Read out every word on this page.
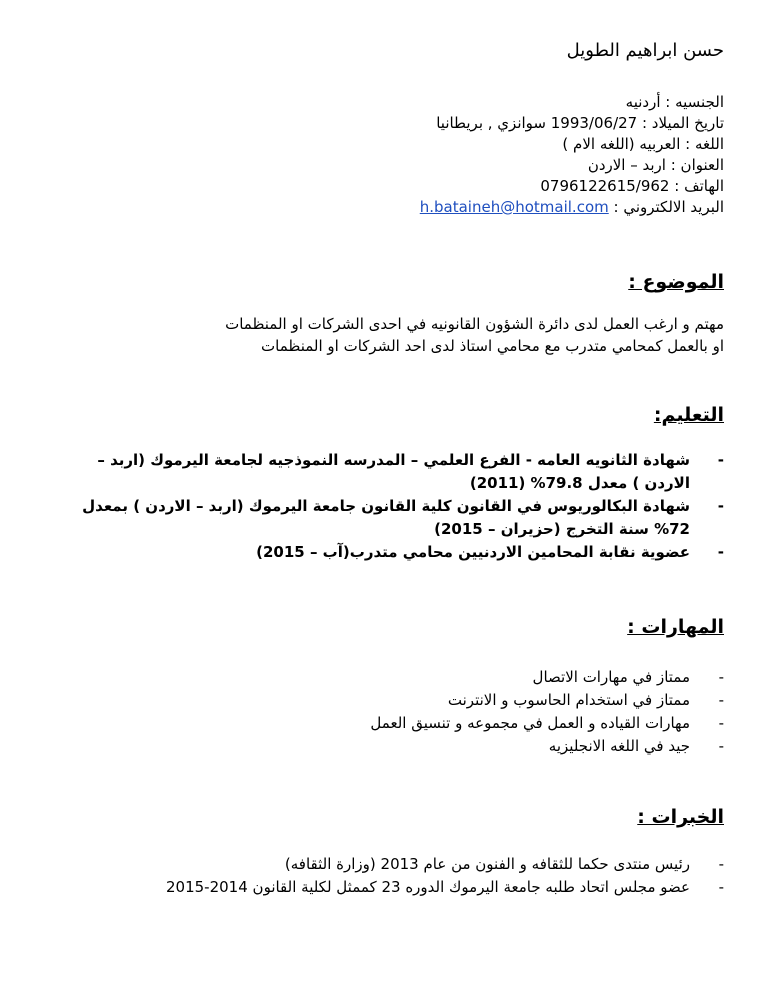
حسن ابراهيم الطويل
الجنسيه : أردنيه
تاريخ الميلاد : 1993/06/27 سوانزي , بريطانيا
اللغه : العربيه (اللغه الام )
العنوان : اربد – الاردن
الهاتف : 0796122615/962
البريد الالكتروني : h.bataineh@hotmail.com
الموضوع :
مهتم و ارغب العمل لدى دائرة الشؤون القانونيه في احدى الشركات او المنظمات
او بالعمل كمحامي متدرب مع محامي استاذ لدى احد الشركات او المنظمات
التعليم:
- شهادة الثانويه العامه - الفرع العلمي – المدرسه النموذجيه لجامعة اليرموك (اربد –الاردن ) معدل 79.8% (2011)
- شهادة البكالوريوس في القانون كلية القانون جامعة اليرموك (اربد – الاردن ) بمعدل 72% سنة التخرج (حزيران – 2015)
- عضوية نقابة المحامين الاردنيين محامي متدرب(آب – 2015)
المهارات :
- ممتاز في مهارات الاتصال
- ممتاز في استخدام الحاسوب و الانترنت
- مهارات القياده و العمل في مجموعه و تنسيق العمل
- جيد في اللغه الانجليزيه
الخبرات :
- رئيس منتدى حكما للثقافه و الفنون من عام 2013 (وزارة الثقافه)
- عضو مجلس اتحاد طلبه جامعة اليرموك الدوره 23 كممثل لكلية القانون 2014-2015
